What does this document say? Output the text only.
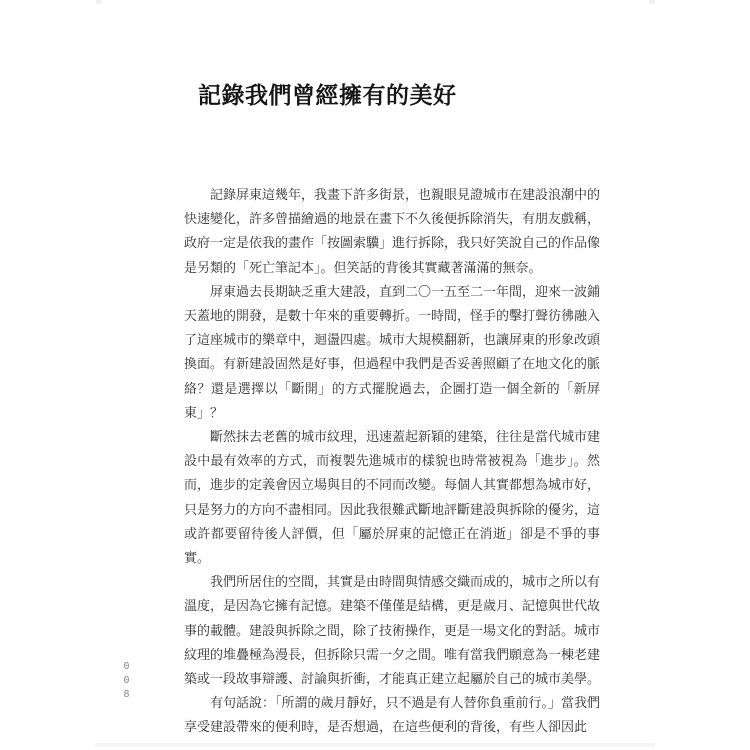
記錄我們曾經擁有的美好

記錄屏東這幾年，我畫下許多街景，也親眼見證城市在建設浪潮中的快速變化，許多曾描繪過的地景在畫下不久後便拆除消失，有朋友戲稱，政府一定是依我的畫作「按圖索驥」進行拆除，我只好笑說自己的作品像是另類的「死亡筆記本」。但笑話的背後其實藏著滿滿的無奈。

屏東過去長期缺乏重大建設，直到二〇一五至二一年間，迎來一波鋪天蓋地的開發，是數十年來的重要轉折。一時間，怪手的擊打聲彷彿融入了這座城市的樂章中，迴盪四處。城市大規模翻新，也讓屏東的形象改頭換面。有新建設固然是好事，但過程中我們是否妥善照顧了在地文化的脈絡？還是選擇以「斷開」的方式擺脫過去，企圖打造一個全新的「新屏東」？

斷然抹去老舊的城市紋理，迅速蓋起新穎的建築，往往是當代城市建設中最有效率的方式，而複製先進城市的樣貌也時常被視為「進步」。然而，進步的定義會因立場與目的不同而改變。每個人其實都想為城市好，只是努力的方向不盡相同。因此我很難武斷地評斷建設與拆除的優劣，這或許都要留待後人評價，但「屬於屏東的記憶正在消逝」卻是不爭的事實。

我們所居住的空間，其實是由時間與情感交織而成的，城市之所以有溫度，是因為它擁有記憶。建築不僅僅是結構，更是歲月、記憶與世代故事的載體。建設與拆除之間，除了技術操作，更是一場文化的對話。城市紋理的堆疊極為漫長，但拆除只需一夕之間。唯有當我們願意為一棟老建築或一段故事辯護、討論與折衝，才能真正建立起屬於自己的城市美學。

有句話說：「所謂的歲月靜好，只不過是有人替你負重前行。」當我們享受建設帶來的便利時，是否想過，在這些便利的背後，有些人卻因此

008
